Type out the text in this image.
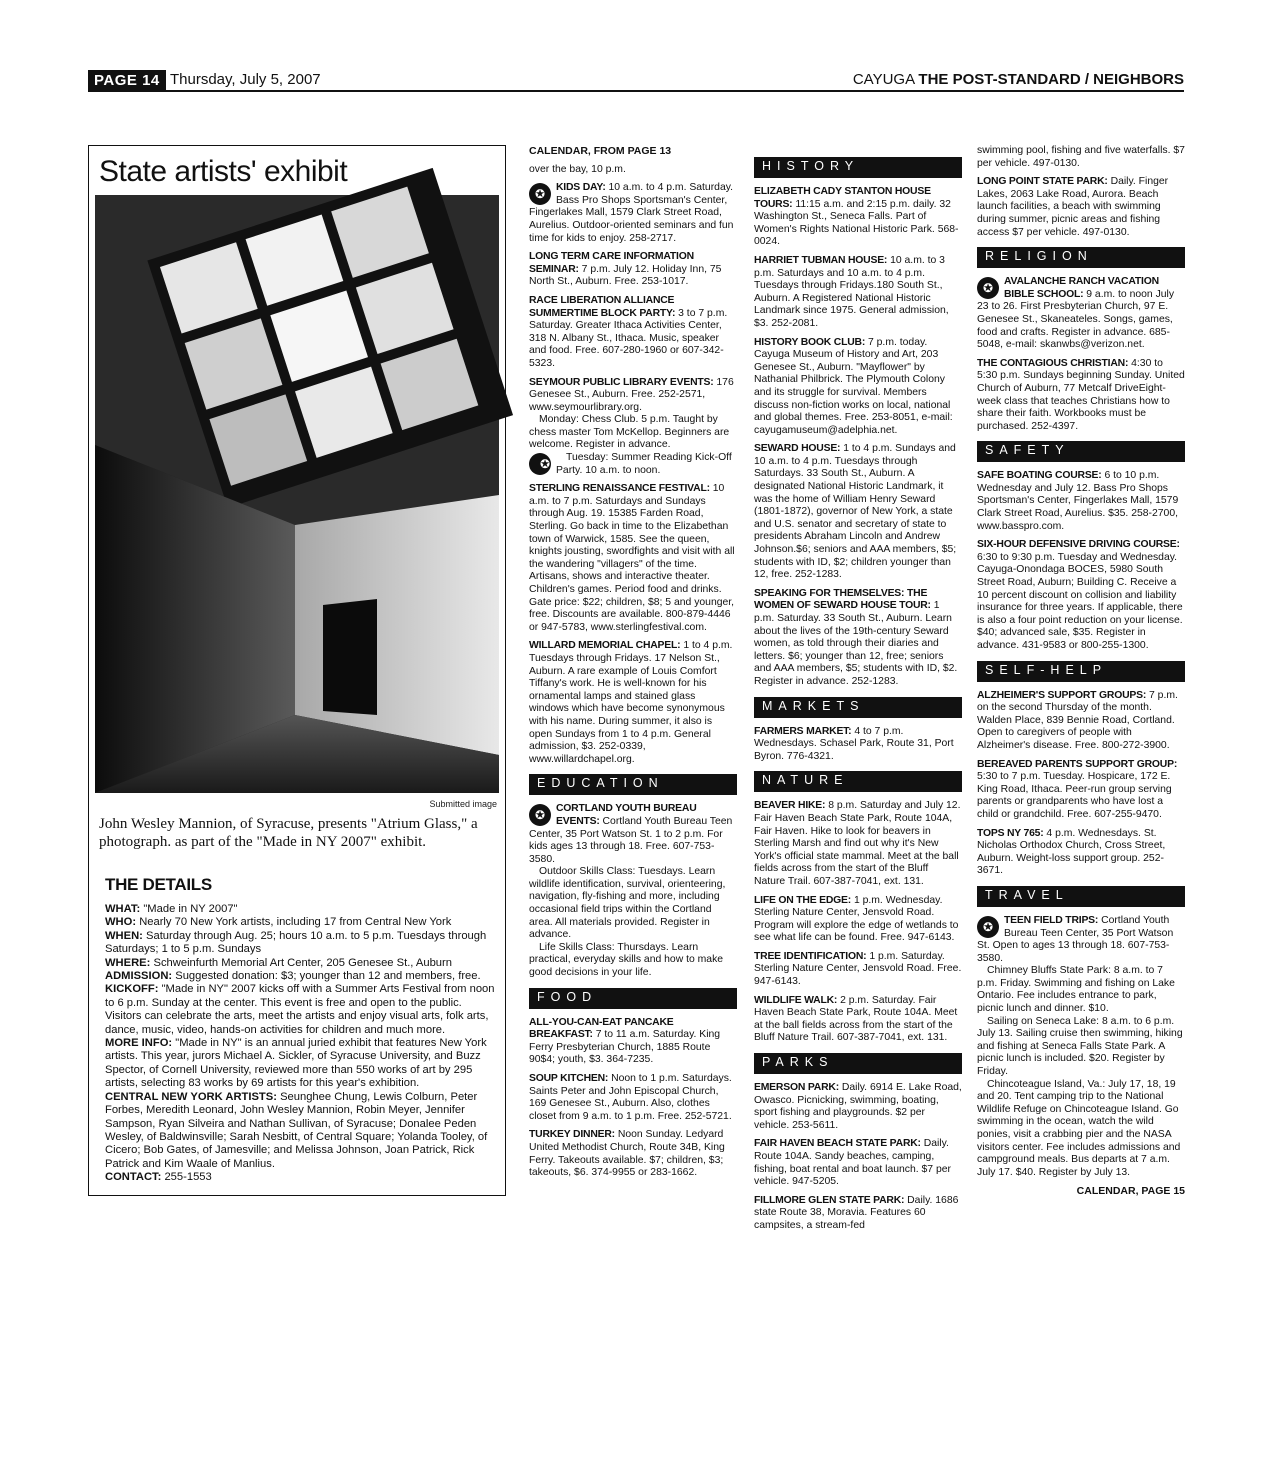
PAGE 14 Thursday, July 5, 2007	CAYUGA THE POST-STANDARD / NEIGHBORS
State artists' exhibit
Submitted image

John Wesley Mannion, of Syracuse, presents "Atrium Glass," a photograph. as part of the "Made in NY 2007" exhibit.

THE DETAILS

WHAT: "Made in NY 2007"

WHO: Nearly 70 New York artists, including 17 from Central New York

WHEN: Saturday through Aug. 25; hours 10 a.m. to 5 p.m. Tuesdays through Saturdays; 1 to 5 p.m. Sundays

WHERE: Schweinfurth Memorial Art Center, 205 Genesee St., Auburn

ADMISSION: Suggested donation: $3; younger than 12 and members, free.

KICKOFF: "Made in NY" 2007 kicks off with a Summer Arts Festival from noon to 6 p.m. Sunday at the center. This event is free and open to the public. Visitors can celebrate the arts, meet the artists and enjoy visual arts, folk arts, dance, music, video, hands-on activities for children and much more.

MORE INFO: "Made in NY" is an annual juried exhibit that features New York artists. This year, jurors Michael A. Sickler, of Syracuse University, and Buzz Spector, of Cornell University, reviewed more than 550 works of art by 295 artists, selecting 83 works by 69 artists for this year's exhibition.

CENTRAL NEW YORK ARTISTS: Seunghee Chung, Lewis Colburn, Peter Forbes, Meredith Leonard, John Wesley Mannion, Robin Meyer, Jennifer Sampson, Ryan Silveira and Nathan Sullivan, of Syracuse; Donalee Peden Wesley, of Baldwinsville; Sarah Nesbitt, of Central Square; Yolanda Tooley, of Cicero; Bob Gates, of Jamesville; and Melissa Johnson, Joan Patrick, Rick Patrick and Kim Waale of Manlius.

CONTACT: 255-1553

CALENDAR, FROM PAGE 13
over the bay, 10 p.m.
✪	KIDS DAY: 10 a.m. to 4 p.m. Saturday. Bass Pro Shops Sportsman's Center, Fingerlakes Mall, 1579 Clark Street Road, Aurelius. Outdoor-oriented seminars and fun time for kids to enjoy. 258-2717.
LONG TERM CARE INFORMATION SEMINAR: 7 p.m. July 12. Holiday Inn, 75 North St., Auburn. Free. 253-1017.
RACE LIBERATION ALLIANCE SUMMERTIME BLOCK PARTY: 3 to 7 p.m. Saturday. Greater Ithaca Activities Center, 318 N. Albany St., Ithaca. Music, speaker and food. Free. 607-280-1960 or 607-342-5323.
SEYMOUR PUBLIC LIBRARY EVENTS: 176 Genesee St., Auburn. Free. 252-2571, www.seymourlibrary.org.
Monday: Chess Club. 5 p.m. Taught by chess master Tom McKellop. Beginners are welcome. Register in advance.
✪ Tuesday: Summer Reading Kick-Off Party. 10 a.m. to noon.
STERLING RENAISSANCE FESTIVAL: 10 a.m. to 7 p.m. Saturdays and Sundays through Aug. 19. 15385 Farden Road, Sterling. Go back in time to the Elizabethan town of Warwick, 1585. See the queen, knights jousting, swordfights and visit with all the wandering "villagers" of the time. Artisans, shows and interactive theater. Children's games. Period food and drinks. Gate price: $22; children, $8; 5 and younger, free. Discounts are available. 800-879-4446 or 947-5783, www.sterlingfestival.com.
WILLARD MEMORIAL CHAPEL: 1 to 4 p.m. Tuesdays through Fridays. 17 Nelson St., Auburn. A rare example of Louis Comfort Tiffany's work. He is well-known for his ornamental lamps and stained glass windows which have become synonymous with his name. During summer, it also is open Sundays from 1 to 4 p.m. General admission, $3. 252-0339, www.willardchapel.org.
EDUCATION
✪	CORTLAND YOUTH BUREAU EVENTS: Cortland Youth Bureau Teen Center, 35 Port Watson St. 1 to 2 p.m. For kids ages 13 through 18. Free. 607-753-3580.
Outdoor Skills Class: Tuesdays. Learn wildlife identification, survival, orienteering, navigation, fly-fishing and more, including occasional field trips within the Cortland area. All materials provided. Register in advance.
Life Skills Class: Thursdays. Learn practical, everyday skills and how to make good decisions in your life.
FOOD
ALL-YOU-CAN-EAT PANCAKE BREAKFAST: 7 to 11 a.m. Saturday. King Ferry Presbyterian Church, 1885 Route 90$4; youth, $3. 364-7235.
SOUP KITCHEN: Noon to 1 p.m. Saturdays. Saints Peter and John Episcopal Church, 169 Genesee St., Auburn. Also, clothes closet from 9 a.m. to 1 p.m. Free. 252-5721.
TURKEY DINNER: Noon Sunday. Ledyard United Methodist Church, Route 34B, King Ferry. Takeouts available. $7; children, $3; takeouts, $6. 374-9955 or 283-1662.
HISTORY
ELIZABETH CADY STANTON HOUSE TOURS: 11:15 a.m. and 2:15 p.m. daily. 32 Washington St., Seneca Falls. Part of Women's Rights National Historic Park. 568-0024.
HARRIET TUBMAN HOUSE: 10 a.m. to 3 p.m. Saturdays and 10 a.m. to 4 p.m. Tuesdays through Fridays.180 South St., Auburn. A Registered National Historic Landmark since 1975. General admission, $3. 252-2081.
HISTORY BOOK CLUB: 7 p.m. today. Cayuga Museum of History and Art, 203 Genesee St., Auburn. "Mayflower" by Nathanial Philbrick. The Plymouth Colony and its struggle for survival. Members discuss non-fiction works on local, national and global themes. Free. 253-8051, e-mail: cayugamuseum@adelphia.net.
SEWARD HOUSE: 1 to 4 p.m. Sundays and 10 a.m. to 4 p.m. Tuesdays through Saturdays. 33 South St., Auburn. A designated National Historic Landmark, it was the home of William Henry Seward (1801-1872), governor of New York, a state and U.S. senator and secretary of state to presidents Abraham Lincoln and Andrew Johnson.$6; seniors and AAA members, $5; students with ID, $2; children younger than 12, free. 252-1283.
SPEAKING FOR THEMSELVES: THE WOMEN OF SEWARD HOUSE TOUR: 1 p.m. Saturday. 33 South St., Auburn. Learn about the lives of the 19th-century Seward women, as told through their diaries and letters. $6; younger than 12, free; seniors and AAA members, $5; students with ID, $2. Register in advance. 252-1283.
MARKETS
FARMERS MARKET: 4 to 7 p.m. Wednesdays. Schasel Park, Route 31, Port Byron. 776-4321.
NATURE
BEAVER HIKE: 8 p.m. Saturday and July 12. Fair Haven Beach State Park, Route 104A, Fair Haven. Hike to look for beavers in Sterling Marsh and find out why it's New York's official state mammal. Meet at the ball fields across from the start of the Bluff Nature Trail. 607-387-7041, ext. 131.
LIFE ON THE EDGE: 1 p.m. Wednesday. Sterling Nature Center, Jensvold Road. Program will explore the edge of wetlands to see what life can be found. Free. 947-6143.
TREE IDENTIFICATION: 1 p.m. Saturday. Sterling Nature Center, Jensvold Road. Free. 947-6143.
WILDLIFE WALK: 2 p.m. Saturday. Fair Haven Beach State Park, Route 104A. Meet at the ball fields across from the start of the Bluff Nature Trail. 607-387-7041, ext. 131.
PARKS
EMERSON PARK: Daily. 6914 E. Lake Road, Owasco. Picnicking, swimming, boating, sport fishing and playgrounds. $2 per vehicle. 253-5611.
FAIR HAVEN BEACH STATE PARK: Daily. Route 104A. Sandy beaches, camping, fishing, boat rental and boat launch. $7 per vehicle. 947-5205.
FILLMORE GLEN STATE PARK: Daily. 1686 state Route 38, Moravia. Features 60 campsites, a stream-fed
swimming pool, fishing and five waterfalls. $7 per vehicle. 497-0130.
LONG POINT STATE PARK: Daily. Finger Lakes, 2063 Lake Road, Aurora. Beach launch facilities, a beach with swimming during summer, picnic areas and fishing access $7 per vehicle. 497-0130.
RELIGION
✪	AVALANCHE RANCH VACATION BIBLE SCHOOL: 9 a.m. to noon July 23 to 26. First Presbyterian Church, 97 E. Genesee St., Skaneateles. Songs, games, food and crafts. Register in advance. 685-5048, e-mail: skanwbs@verizon.net.
THE CONTAGIOUS CHRISTIAN: 4:30 to 5:30 p.m. Sundays beginning Sunday. United Church of Auburn, 77 Metcalf DriveEight-week class that teaches Christians how to share their faith. Workbooks must be purchased. 252-4397.
SAFETY
SAFE BOATING COURSE: 6 to 10 p.m. Wednesday and July 12. Bass Pro Shops Sportsman's Center, Fingerlakes Mall, 1579 Clark Street Road, Aurelius. $35. 258-2700, www.basspro.com.
SIX-HOUR DEFENSIVE DRIVING COURSE: 6:30 to 9:30 p.m. Tuesday and Wednesday. Cayuga-Onondaga BOCES, 5980 South Street Road, Auburn; Building C. Receive a 10 percent discount on collision and liability insurance for three years. If applicable, there is also a four point reduction on your license. $40; advanced sale, $35. Register in advance. 431-9583 or 800-255-1300.
SELF-HELP
ALZHEIMER'S SUPPORT GROUPS: 7 p.m. on the second Thursday of the month. Walden Place, 839 Bennie Road, Cortland. Open to caregivers of people with Alzheimer's disease. Free. 800-272-3900.
BEREAVED PARENTS SUPPORT GROUP: 5:30 to 7 p.m. Tuesday. Hospicare, 172 E. King Road, Ithaca. Peer-run group serving parents or grandparents who have lost a child or grandchild. Free. 607-255-9470.
TOPS NY 765: 4 p.m. Wednesdays. St. Nicholas Orthodox Church, Cross Street, Auburn. Weight-loss support group. 252-3671.
TRAVEL
✪	TEEN FIELD TRIPS: Cortland Youth Bureau Teen Center, 35 Port Watson St. Open to ages 13 through 18. 607-753-3580.
Chimney Bluffs State Park: 8 a.m. to 7 p.m. Friday. Swimming and fishing on Lake Ontario. Fee includes entrance to park, picnic lunch and dinner. $10.
Sailing on Seneca Lake: 8 a.m. to 6 p.m. July 13. Sailing cruise then swimming, hiking and fishing at Seneca Falls State Park. A picnic lunch is included. $20. Register by Friday.
Chincoteague Island, Va.: July 17, 18, 19 and 20. Tent camping trip to the National Wildlife Refuge on Chincoteague Island. Go swimming in the ocean, watch the wild ponies, visit a crabbing pier and the NASA visitors center. Fee includes admissions and campground meals. Bus departs at 7 a.m. July 17. $40. Register by July 13.
CALENDAR, PAGE 15
